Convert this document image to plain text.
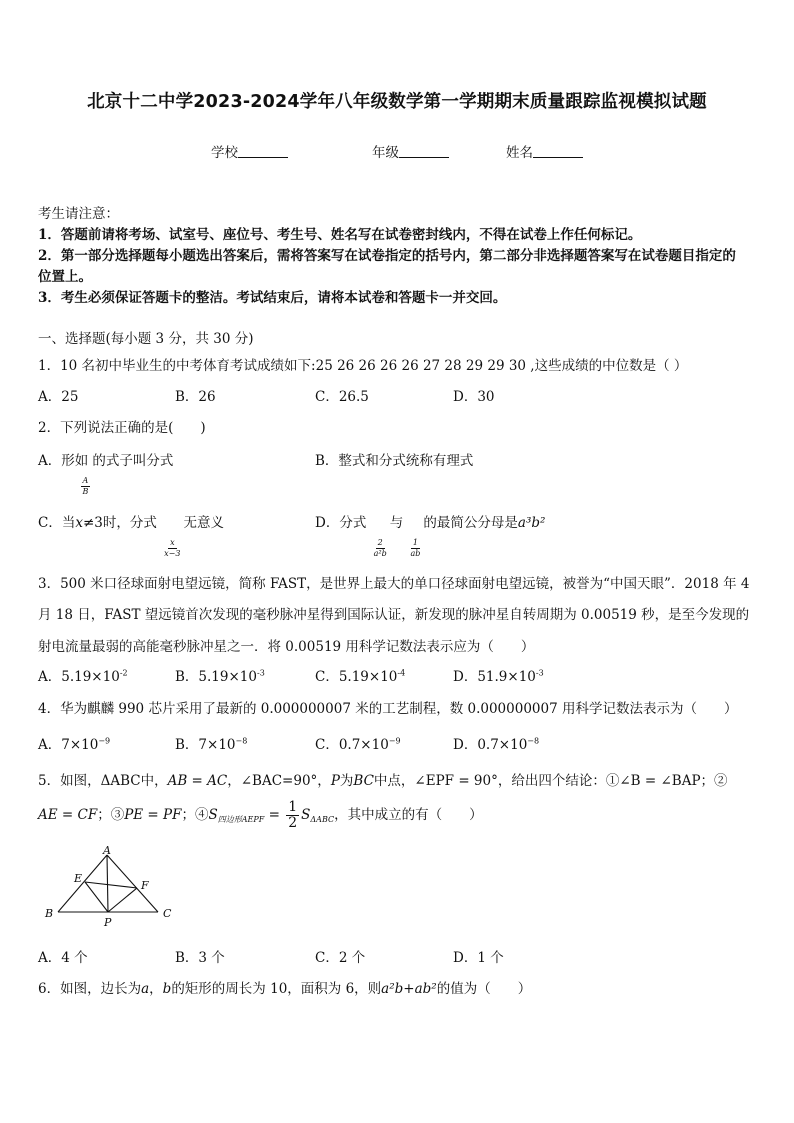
北京十二中学2023-2024学年八年级数学第一学期期末质量跟踪监视模拟试题
学校	年级	姓名
考生请注意：
1．答题前请将考场、试室号、座位号、考生号、姓名写在试卷密封线内，不得在试卷上作任何标记。
2．第一部分选择题每小题选出答案后，需将答案写在试卷指定的括号内，第二部分非选择题答案写在试卷题目指定的
位置上。
3．考生必须保证答题卡的整洁。考试结束后，请将本试卷和答题卡一并交回。
一、选择题(每小题 3 分，共 30 分)
1．10 名初中毕业生的中考体育考试成绩如下:25 26 26 26 26 27 28 29 29 30 ,这些成绩的中位数是（ ）
A．25	B．26	C．26.5	D．30
2．下列说法正确的是(　　)
A．形如
$\frac{A}{B}$
的式子叫分式	B．整式和分式统称有理式
C．当x≠3时，分式
$\frac{x}{x-3}$
无意义	D．分式
$\frac{2}{\text{a²b}}$
与
$\frac{1}{ab}$
的最简公分母是a³b²
3．500 米口径球面射电望远镜，简称 FAST，是世界上最大的单口径球面射电望远镜，被誉为“中国天眼”．2018 年 4
月 18 日，FAST 望远镜首次发现的毫秒脉冲星得到国际认证，新发现的脉冲星自转周期为 0.00519 秒，是至今发现的
射电流量最弱的高能毫秒脉冲星之一．将 0.00519 用科学记数法表示应为（　　）
A．$5.19\times 10^{-2}$	B．$5.19\times 10^{-3}$	C．$5.19\times 10^{-4}$	D．$51.9\times 10^{-3}$
4．华为麒麟 990 芯片采用了最新的 0.000000007 米的工艺制程，数 0.000000007 用科学记数法表示为（　　）
A．$7\times 10^{-9}$	B．$7\times 10^{-8}$	C．$0.7\times 10^{-9}$	D．$0.7\times 10^{-8}$
5．如图，ΔABC中，AB = AC，∠BAC=90°，P为BC中点，∠EPF = 90°，给出四个结论：①∠B = ∠BAP；②
AE = CF；③PE = PF；$④S_{四边形AEPF} = \frac{1}{2} S_{\Delta ABC}$，其中成立的有（　　）
A
B	C
E
F
P
A．4 个	B．3 个	C．2 个	D．1 个
6．如图，边长为a，b的矩形的周长为 10，面积为 6，则a²b+ab²的值为（　　）
